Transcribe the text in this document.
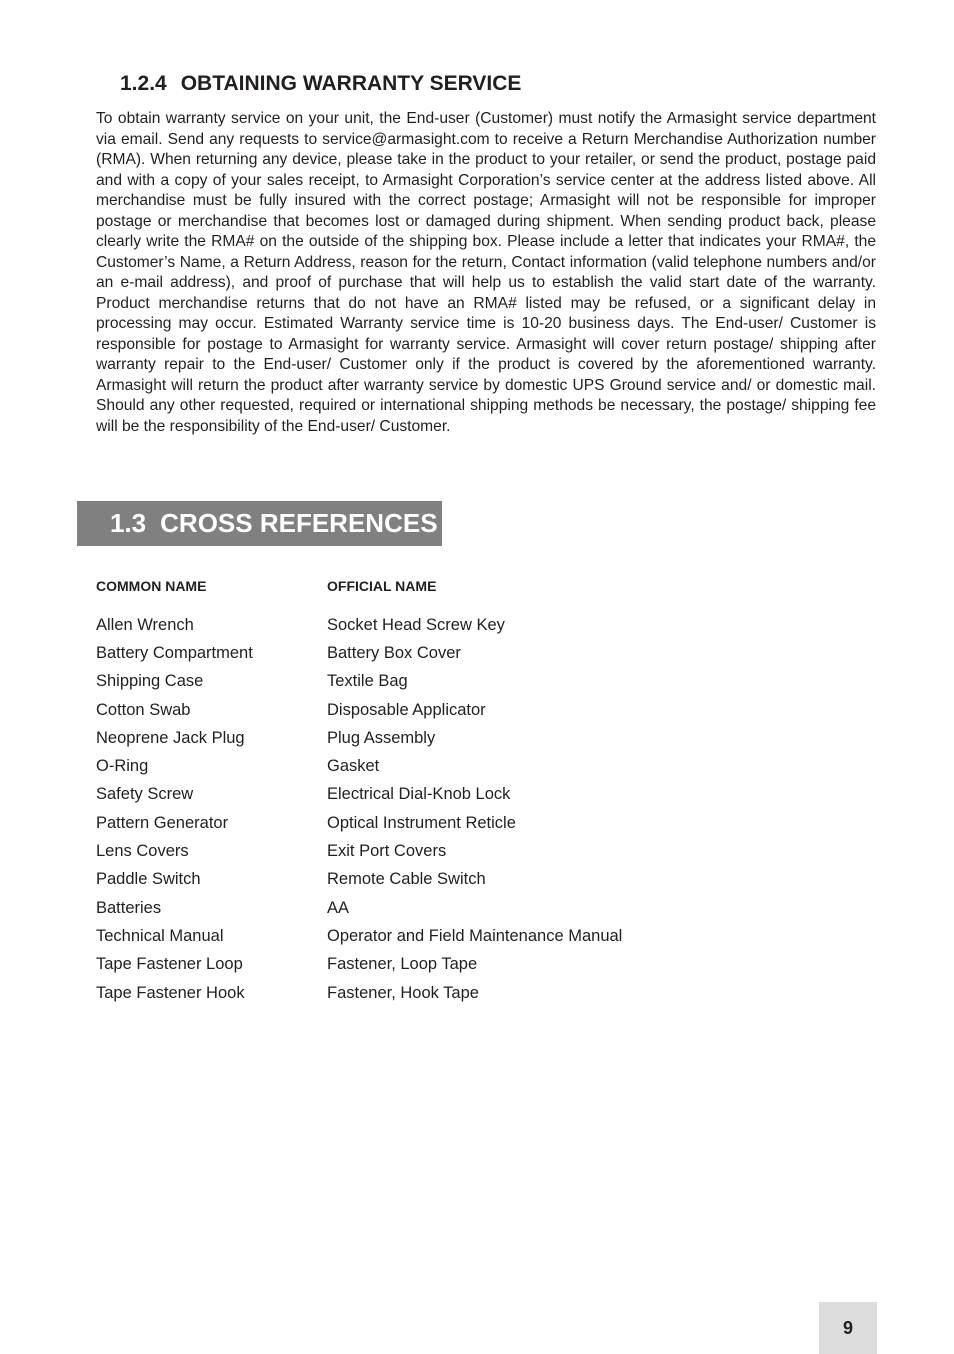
1.2.4 OBTAINING WARRANTY SERVICE

To obtain warranty service on your unit, the End-user (Customer) must notify the Armasight service department via email. Send any requests to service@armasight.com to receive a Return Merchandise Authorization number (RMA). When returning any device, please take in the product to your retailer, or send the product, postage paid and with a copy of your sales receipt, to Armasight Corporation’s service center at the address listed above. All merchandise must be fully insured with the correct postage; Armasight will not be responsible for improper postage or merchandise that becomes lost or damaged during shipment. When sending product back, please clearly write the RMA# on the outside of the shipping box. Please include a letter that indicates your RMA#, the Customer’s Name, a Return Address, reason for the return, Contact information (valid telephone numbers and/or an e-mail address), and proof of purchase that will help us to establish the valid start date of the warranty. Product merchandise returns that do not have an RMA# listed may be refused, or a significant delay in processing may occur. Estimated Warranty service time is 10-20 business days. The End-user/ Customer is responsible for postage to Armasight for warranty service. Armasight will cover return postage/ shipping after warranty repair to the End-user/ Customer only if the product is covered by the aforementioned warranty. Armasight will return the product after warranty service by domestic UPS Ground service and/ or domestic mail. Should any other requested, required or international shipping methods be necessary, the postage/ shipping fee will be the responsibility of the End-user/ Customer.

1.3 CROSS REFERENCES
COMMON NAME	OFFICIAL NAME
Allen Wrench	Socket Head Screw Key
Battery Compartment	Battery Box Cover
Shipping Case	Textile Bag
Cotton Swab	Disposable Applicator
Neoprene Jack Plug	Plug Assembly
O-Ring	Gasket
Safety Screw	Electrical Dial-Knob Lock
Pattern Generator	Optical Instrument Reticle
Lens Covers	Exit Port Covers
Paddle Switch	Remote Cable Switch
Batteries	AA
Technical Manual	Operator and Field Maintenance Manual
Tape Fastener Loop	Fastener, Loop Tape
Tape Fastener Hook	Fastener, Hook Tape
9
